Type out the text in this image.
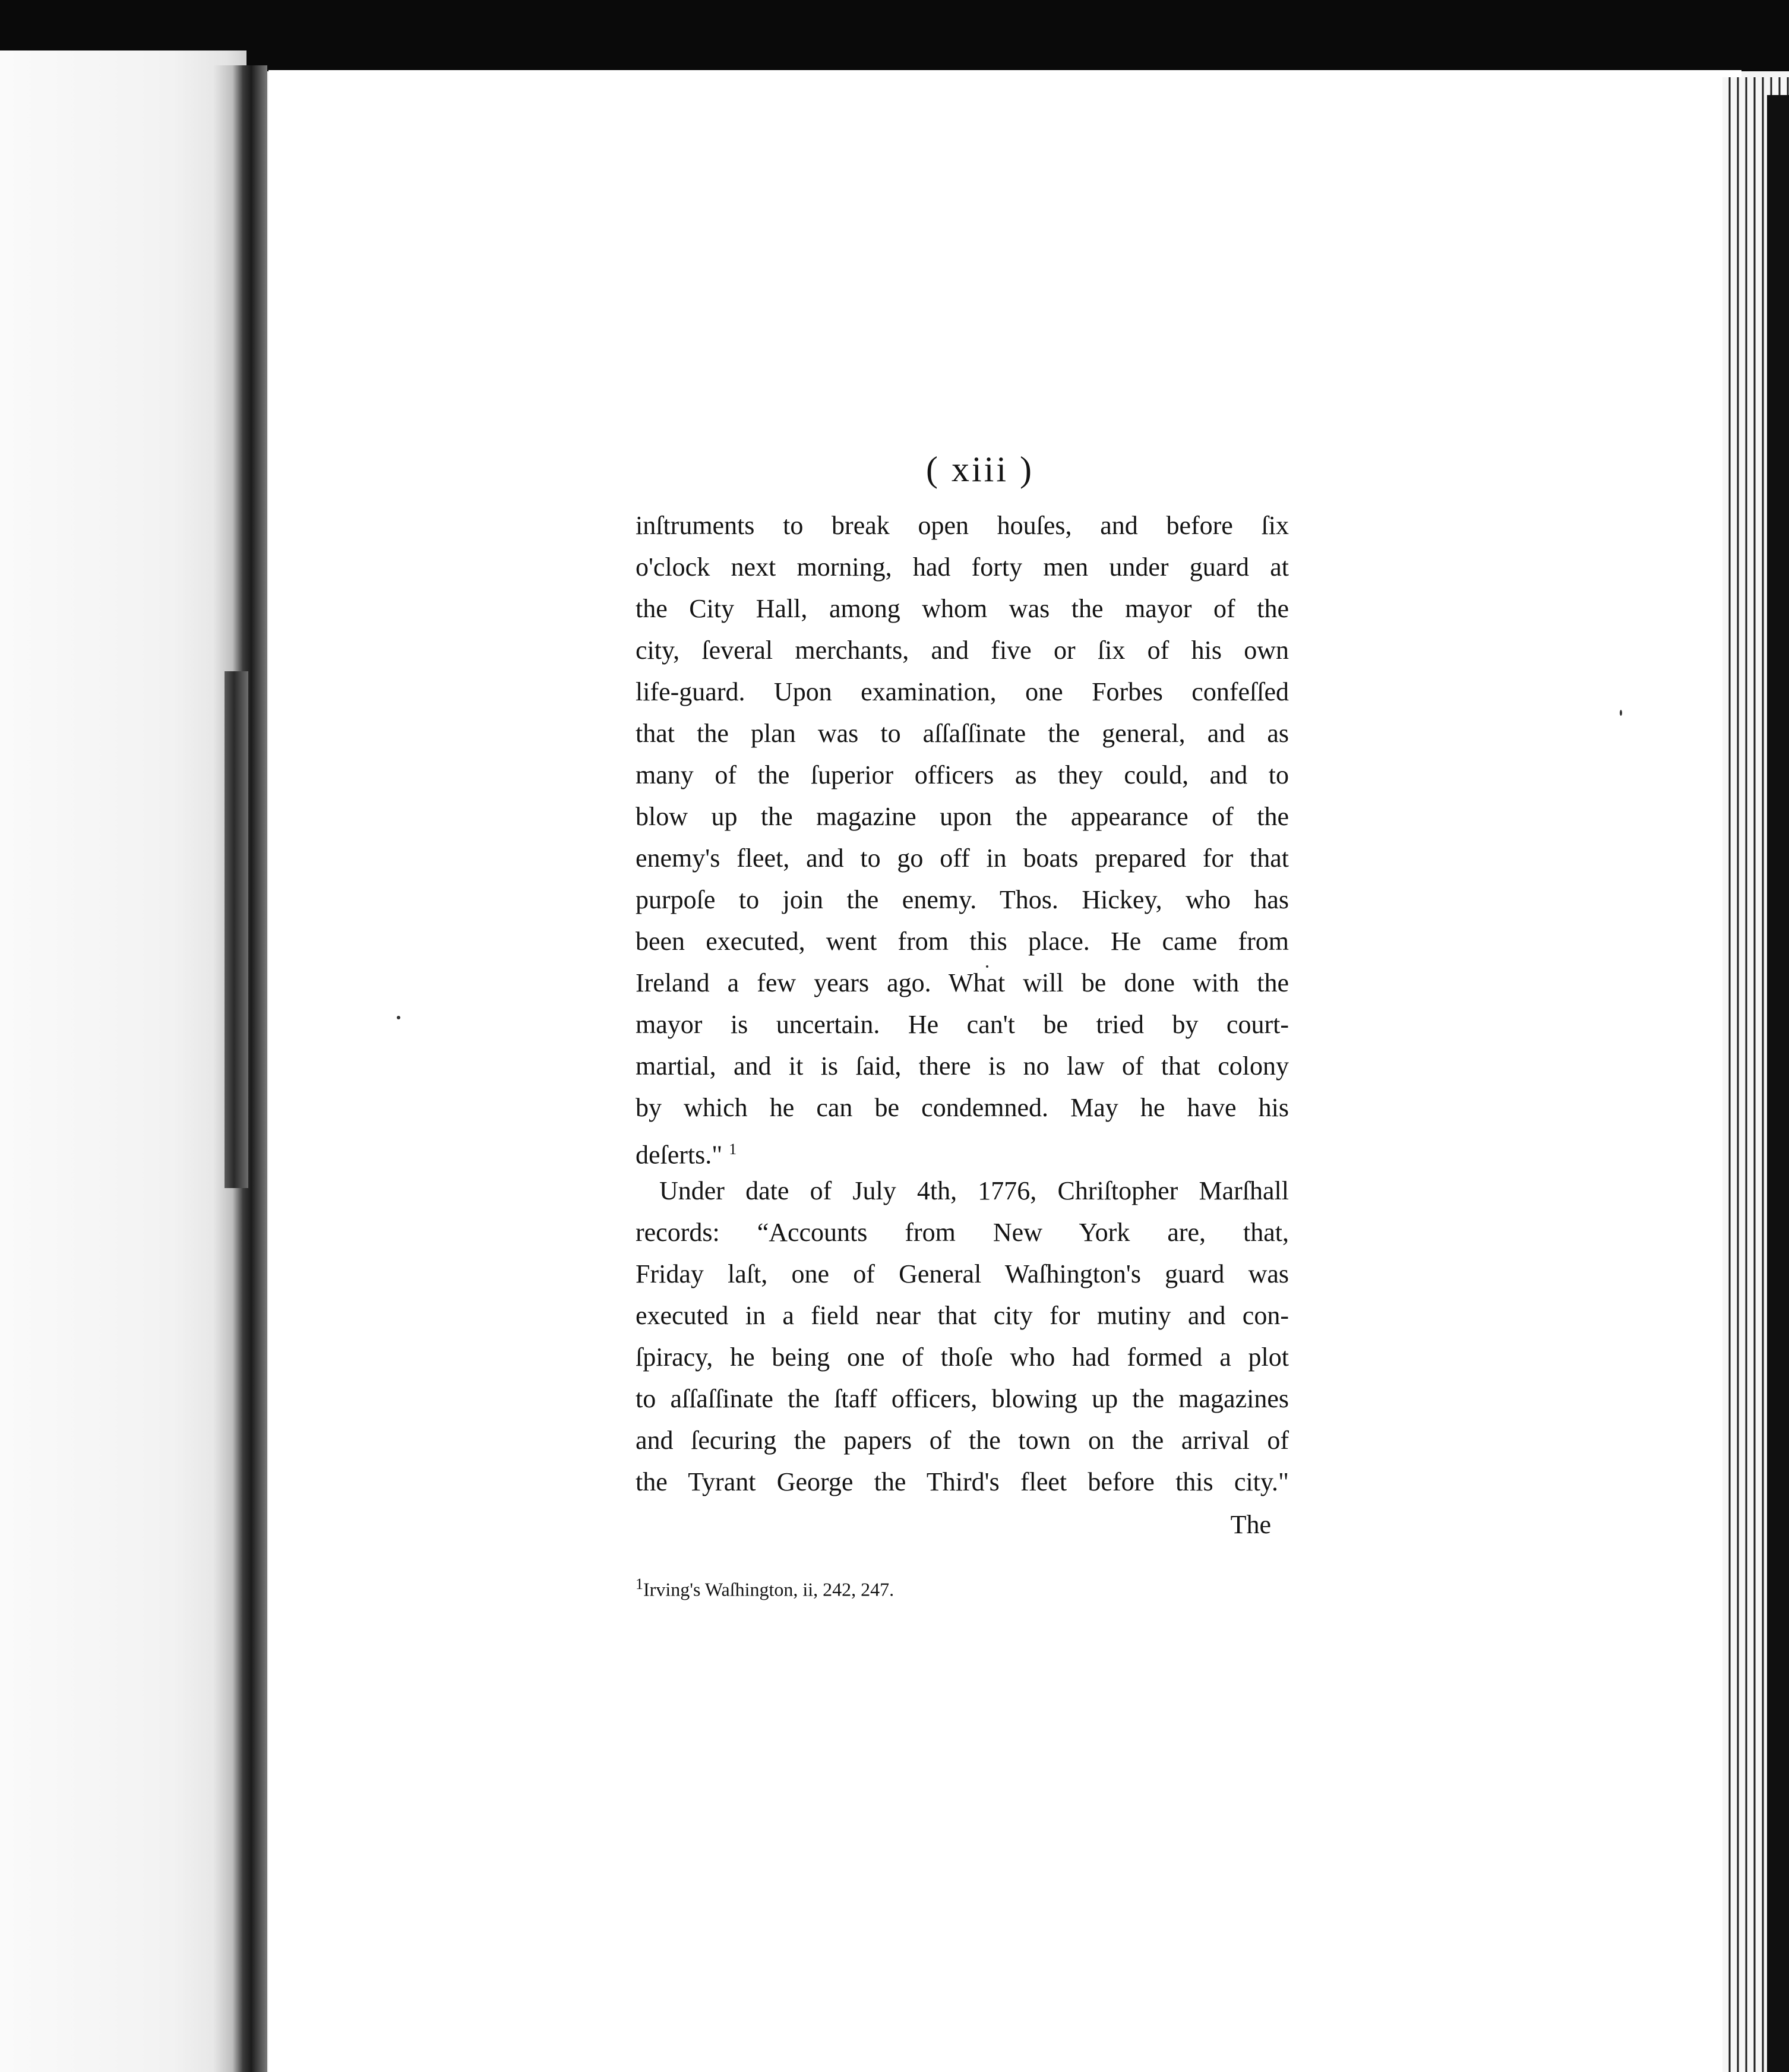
( xiii )
inſtruments to break open houſes, and before ſix
o'clock next morning, had forty men under guard at
the City Hall, among whom was the mayor of the
city, ſeveral merchants, and five or ſix of his own
life-guard. Upon examination, one Forbes confeſſed
that the plan was to aſſaſſinate the general, and as
many of the ſuperior officers as they could, and to
blow up the magazine upon the appearance of the
enemy's fleet, and to go off in boats prepared for that
purpoſe to join the enemy. Thos. Hickey, who has
been executed, went from this place. He came from
Ireland a few years ago. What will be done with the
mayor is uncertain. He can't be tried by court-
martial, and it is ſaid, there is no law of that colony
by which he can be condemned. May he have his
deſerts." $^1$
Under date of July 4th, 1776, Chriſtopher Marſhall
records: “Accounts from New York are, that,
Friday laſt, one of General Waſhington's guard was
executed in a field near that city for mutiny and con-
ſpiracy, he being one of thoſe who had formed a plot
to aſſaſſinate the ſtaff officers, blowing up the magazines
and ſecuring the papers of the town on the arrival of
the Tyrant George the Third's fleet before this city."
The
$^1$Irving's Waſhington, ii, 242, 247.
